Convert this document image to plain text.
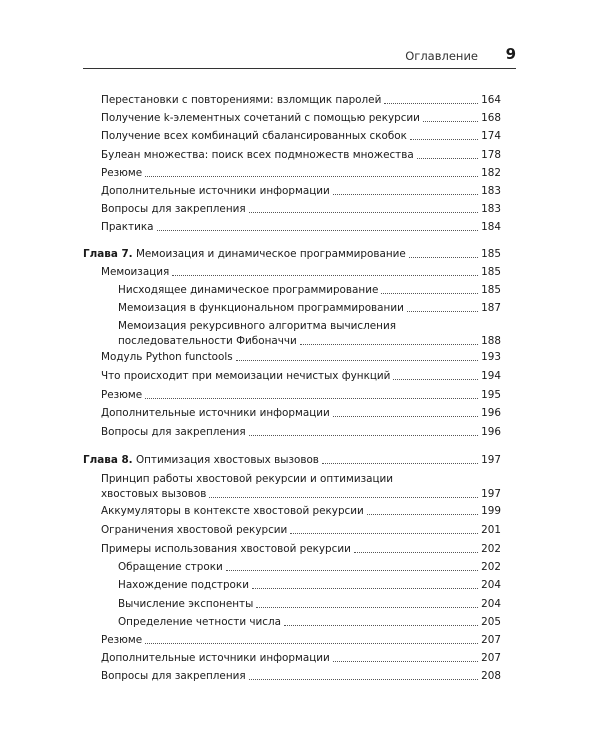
Оглавление 9
Перестановки с повторениями: взломщик паролей	164
Получение k-элементных сочетаний с помощью рекурсии	168
Получение всех комбинаций сбалансированных скобок	174
Булеан множества: поиск всех подмножеств множества	178
Резюме	182
Дополнительные источники информации	183
Вопросы для закрепления	183
Практика	184
Глава 7. Мемоизация и динамическое программирование	185
Мемоизация	185
Нисходящее динамическое программирование	185
Мемоизация в функциональном программировании	187
Мемоизация рекурсивного алгоритма вычисления
последовательности Фибоначчи	188
Модуль Python functools	193
Что происходит при мемоизации нечистых функций	194
Резюме	195
Дополнительные источники информации	196
Вопросы для закрепления	196
Глава 8. Оптимизация хвостовых вызовов	197
Принцип работы хвостовой рекурсии и оптимизации
хвостовых вызовов	197
Аккумуляторы в контексте хвостовой рекурсии	199
Ограничения хвостовой рекурсии	201
Примеры использования хвостовой рекурсии	202
Обращение строки	202
Нахождение подстроки	204
Вычисление экспоненты	204
Определение четности числа	205
Резюме	207
Дополнительные источники информации	207
Вопросы для закрепления	208
